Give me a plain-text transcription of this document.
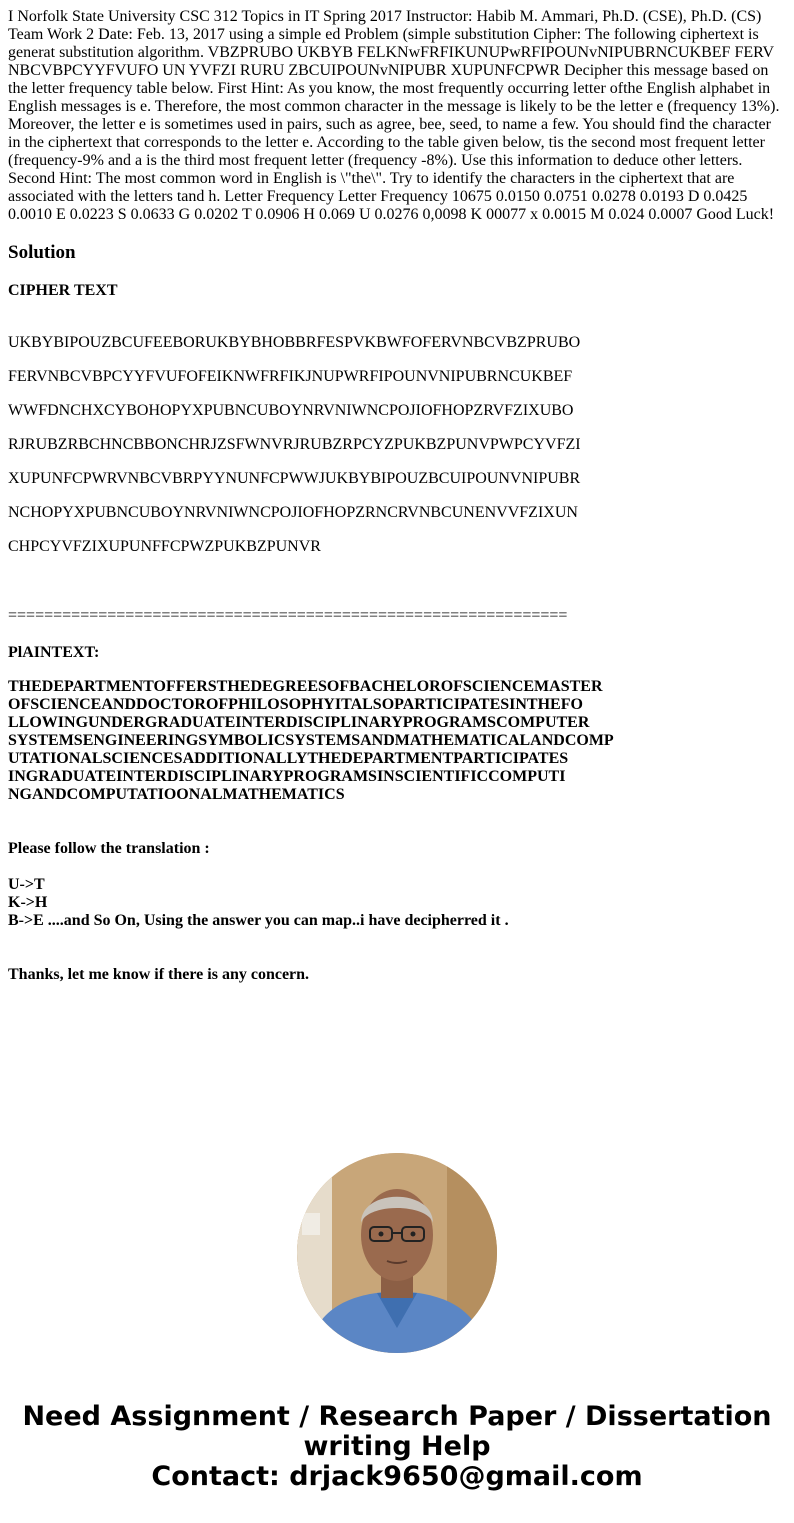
I Norfolk State University CSC 312 Topics in IT Spring 2017 Instructor: Habib M. Ammari, Ph.D. (CSE), Ph.D. (CS) Team Work 2 Date: Feb. 13, 2017 using a simple ed Problem (simple substitution Cipher: The following ciphertext is generat substitution algorithm. VBZPRUBO UKBYB FELKNwFRFIKUNUPwRFIPOUNvNIPUBRNCUKBEF FERV NBCVBPCYYFVUFO UN YVFZI RURU ZBCUIPOUNvNIPUBR XUPUNFCPWR Decipher this message based on the letter frequency table below. First Hint: As you know, the most frequently occurring letter ofthe English alphabet in English messages is e. Therefore, the most common character in the message is likely to be the letter e (frequency 13%). Moreover, the letter e is sometimes used in pairs, such as agree, bee, seed, to name a few. You should find the character in the ciphertext that corresponds to the letter e. According to the table given below, tis the second most frequent letter (frequency-9% and a is the third most frequent letter (frequency -8%). Use this information to deduce other letters. Second Hint: The most common word in English is \"the\". Try to identify the characters in the ciphertext that are associated with the letters tand h. Letter Frequency Letter Frequency 10675 0.0150 0.0751 0.0278 0.0193 D 0.0425 0.0010 E 0.0223 S 0.0633 G 0.0202 T 0.0906 H 0.069 U 0.0276 0,0098 K 00077 x 0.0015 M 0.024 0.0007 Good Luck!

Solution

CIPHER TEXT

UKBYBIPOUZBCUFEEBORUKBYBHOBBRFESPVKBWFOFERVNBCVBZPRUBO
FERVNBCVBPCYYFVUFOFEIKNWFRFIKJNUPWRFIPOUNVNIPUBRNCUKBEF
WWFDNCHXCYBOHOPYXPUBNCUBOYNRVNIWNCPOJIOFHOPZRVFZIXUBO
RJRUBZRBCHNCBBONCHRJZSFWNVRJRUBZRPCYZPUKBZPUNVPWPCYVFZI
XUPUNFCPWRVNBCVBRPYYNUNFCPWWJUKBYBIPOUZBCUIPOUNVNIPUBR
NCHOPYXPUBNCUBOYNRVNIWNCPOJIOFHOPZRNCRVNBCUNENVVFZIXUN
CHPCYVFZIXUPUNFFCPWZPUKBZPUNVR

==============================================================

PlAINTEXT:

THEDEPARTMENTOFFERSTHEDEGREESOFBACHELOROFSCIENCEMASTER
OFSCIENCEANDDOCTOROFPHILOSOPHYITALSOPARTICIPATESINTHEFO
LLOWINGUNDERGRADUATEINTERDISCIPLINARYPROGRAMSCOMPUTER
SYSTEMSENGINEERINGSYMBOLICSYSTEMSANDMATHEMATICALANDCOMP
UTATIONALSCIENCESADDITIONALLYTHEDEPARTMENTPARTICIPATES
INGRADUATEINTERDISCIPLINARYPROGRAMSINSCIENTIFICCOMPUTI
NGANDCOMPUTATIOONALMATHEMATICS

Please follow the translation :

U->T
K->H
B->E ....and So On, Using the answer you can map..i have decipherred it .

Thanks, let me know if there is any concern.

Need Assignment / Research Paper / Dissertation
writing Help
Contact: drjack9650@gmail.com
